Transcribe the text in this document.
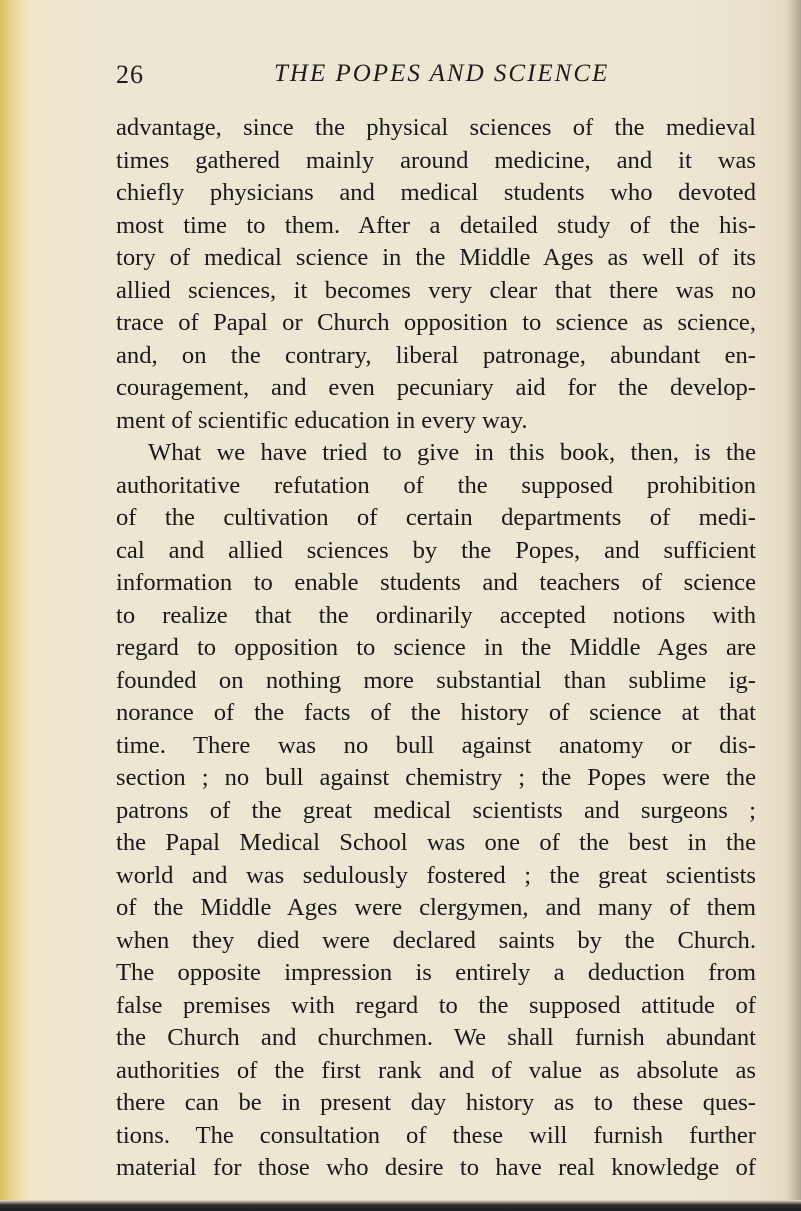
26	THE POPES AND SCIENCE
advantage, since the physical sciences of the medieval
times gathered mainly around medicine, and it was
chiefly physicians and medical students who devoted
most time to them. After a detailed study of the his-
tory of medical science in the Middle Ages as well of its
allied sciences, it becomes very clear that there was no
trace of Papal or Church opposition to science as science,
and, on the contrary, liberal patronage, abundant en-
couragement, and even pecuniary aid for the develop-
ment of scientific education in every way.
What we have tried to give in this book, then, is the
authoritative refutation of the supposed prohibition
of the cultivation of certain departments of medi-
cal and allied sciences by the Popes, and sufficient
information to enable students and teachers of science
to realize that the ordinarily accepted notions with
regard to opposition to science in the Middle Ages are
founded on nothing more substantial than sublime ig-
norance of the facts of the history of science at that
time. There was no bull against anatomy or dis-
section ; no bull against chemistry ; the Popes were the
patrons of the great medical scientists and surgeons ;
the Papal Medical School was one of the best in the
world and was sedulously fostered ; the great scientists
of the Middle Ages were clergymen, and many of them
when they died were declared saints by the Church.
The opposite impression is entirely a deduction from
false premises with regard to the supposed attitude of
the Church and churchmen. We shall furnish abundant
authorities of the first rank and of value as absolute as
there can be in present day history as to these ques-
tions. The consultation of these will furnish further
material for those who desire to have real knowledge of
